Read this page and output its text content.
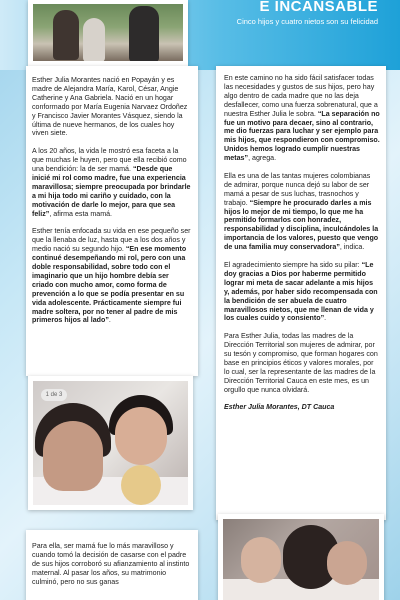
E INCANSABLE
Cinco hijos y cuatro nietos son su felicidad

Esther Julia Morantes nació en Popayán y es madre de Alejandra María, Karol, César, Angie Catherine y Ana Gabriela. Nació en un hogar conformado por María Eugenia Narvaez Ordoñez y Francisco Javier Morantes Vásquez, siendo la última de nueve hermanos, de los cuales hoy viven siete.

A los 20 años, la vida le mostró esa faceta a la que muchas le huyen, pero que ella recibió como una bendición: la de ser mamá. “Desde que inicié mi rol como madre, fue una experiencia maravillosa; siempre preocupada por brindarle a mi hija todo mi cariño y cuidado, con la motivación de darle lo mejor, para que sea feliz”, afirma esta mamá.

Esther tenía enfocada su vida en ese pequeño ser que la llenaba de luz, hasta que a los dos años y medio nació su segundo hijo. “En ese momento continué desempeñando mi rol, pero con una doble responsabilidad, sobre todo con el imaginario que un hijo hombre debía ser criado con mucho amor, como forma de prevención a lo que se podía presentar en su vida adolescente. Prácticamente siempre fui madre soltera, por no tener al padre de mis primeros hijos al lado”.

1 de 3

Para ella, ser mamá fue lo más maravilloso y cuando tomó la decisión de casarse con el padre de sus hijos corroboró su afianzamiento al instinto maternal. Al pasar los años, su matrimonio culminó, pero no sus ganas

En este camino no ha sido fácil satisfacer todas las necesidades y gustos de sus hijos, pero hay algo dentro de cada madre que no las deja desfallecer, como una fuerza sobrenatural, que a nuestra Esther Julia le sobra. “La separación no fue un motivo para decaer, sino al contrario, me dio fuerzas para luchar y ser ejemplo para mis hijos, que respondieron con compromiso. Unidos hemos logrado cumplir nuestras metas”, agrega.

Ella es una de las tantas mujeres colombianas de admirar, porque nunca dejó su labor de ser mamá a pesar de sus luchas, trasnochos y trabajo. “Siempre he procurado darles a mis hijos lo mejor de mi tiempo, lo que me ha permitido formarlos con honradez, responsabilidad y disciplina, inculcándoles la importancia de los valores, puesto que vengo de una familia muy conservadora”, indica.

El agradecimiento siempre ha sido su pilar: “Le doy gracias a Dios por haberme permitido lograr mi meta de sacar adelante a mis hijos y, además, por haber sido recompensada con la bendición de ser abuela de cuatro maravillosos nietos, que me llenan de vida y los cuales cuido y consiento”.

Para Esther Julia, todas las madres de la Dirección Territorial son mujeres de admirar, por su tesón y compromiso, que forman hogares con base en principios éticos y valores morales, por lo cual, ser la representante de las madres de la Dirección Territorial Cauca en este mes, es un orgullo que nunca olvidará.

Esther Julia Morantes, DT Cauca
